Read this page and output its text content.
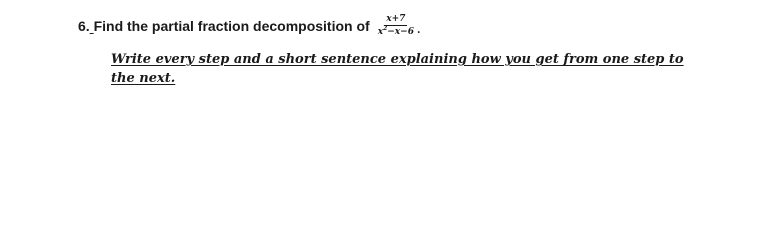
6. Find the partial fraction decomposition of $\frac{x+7}{x^2-x-6}$ .
Write every step and a short sentence explaining how you get from one step to
the next.
